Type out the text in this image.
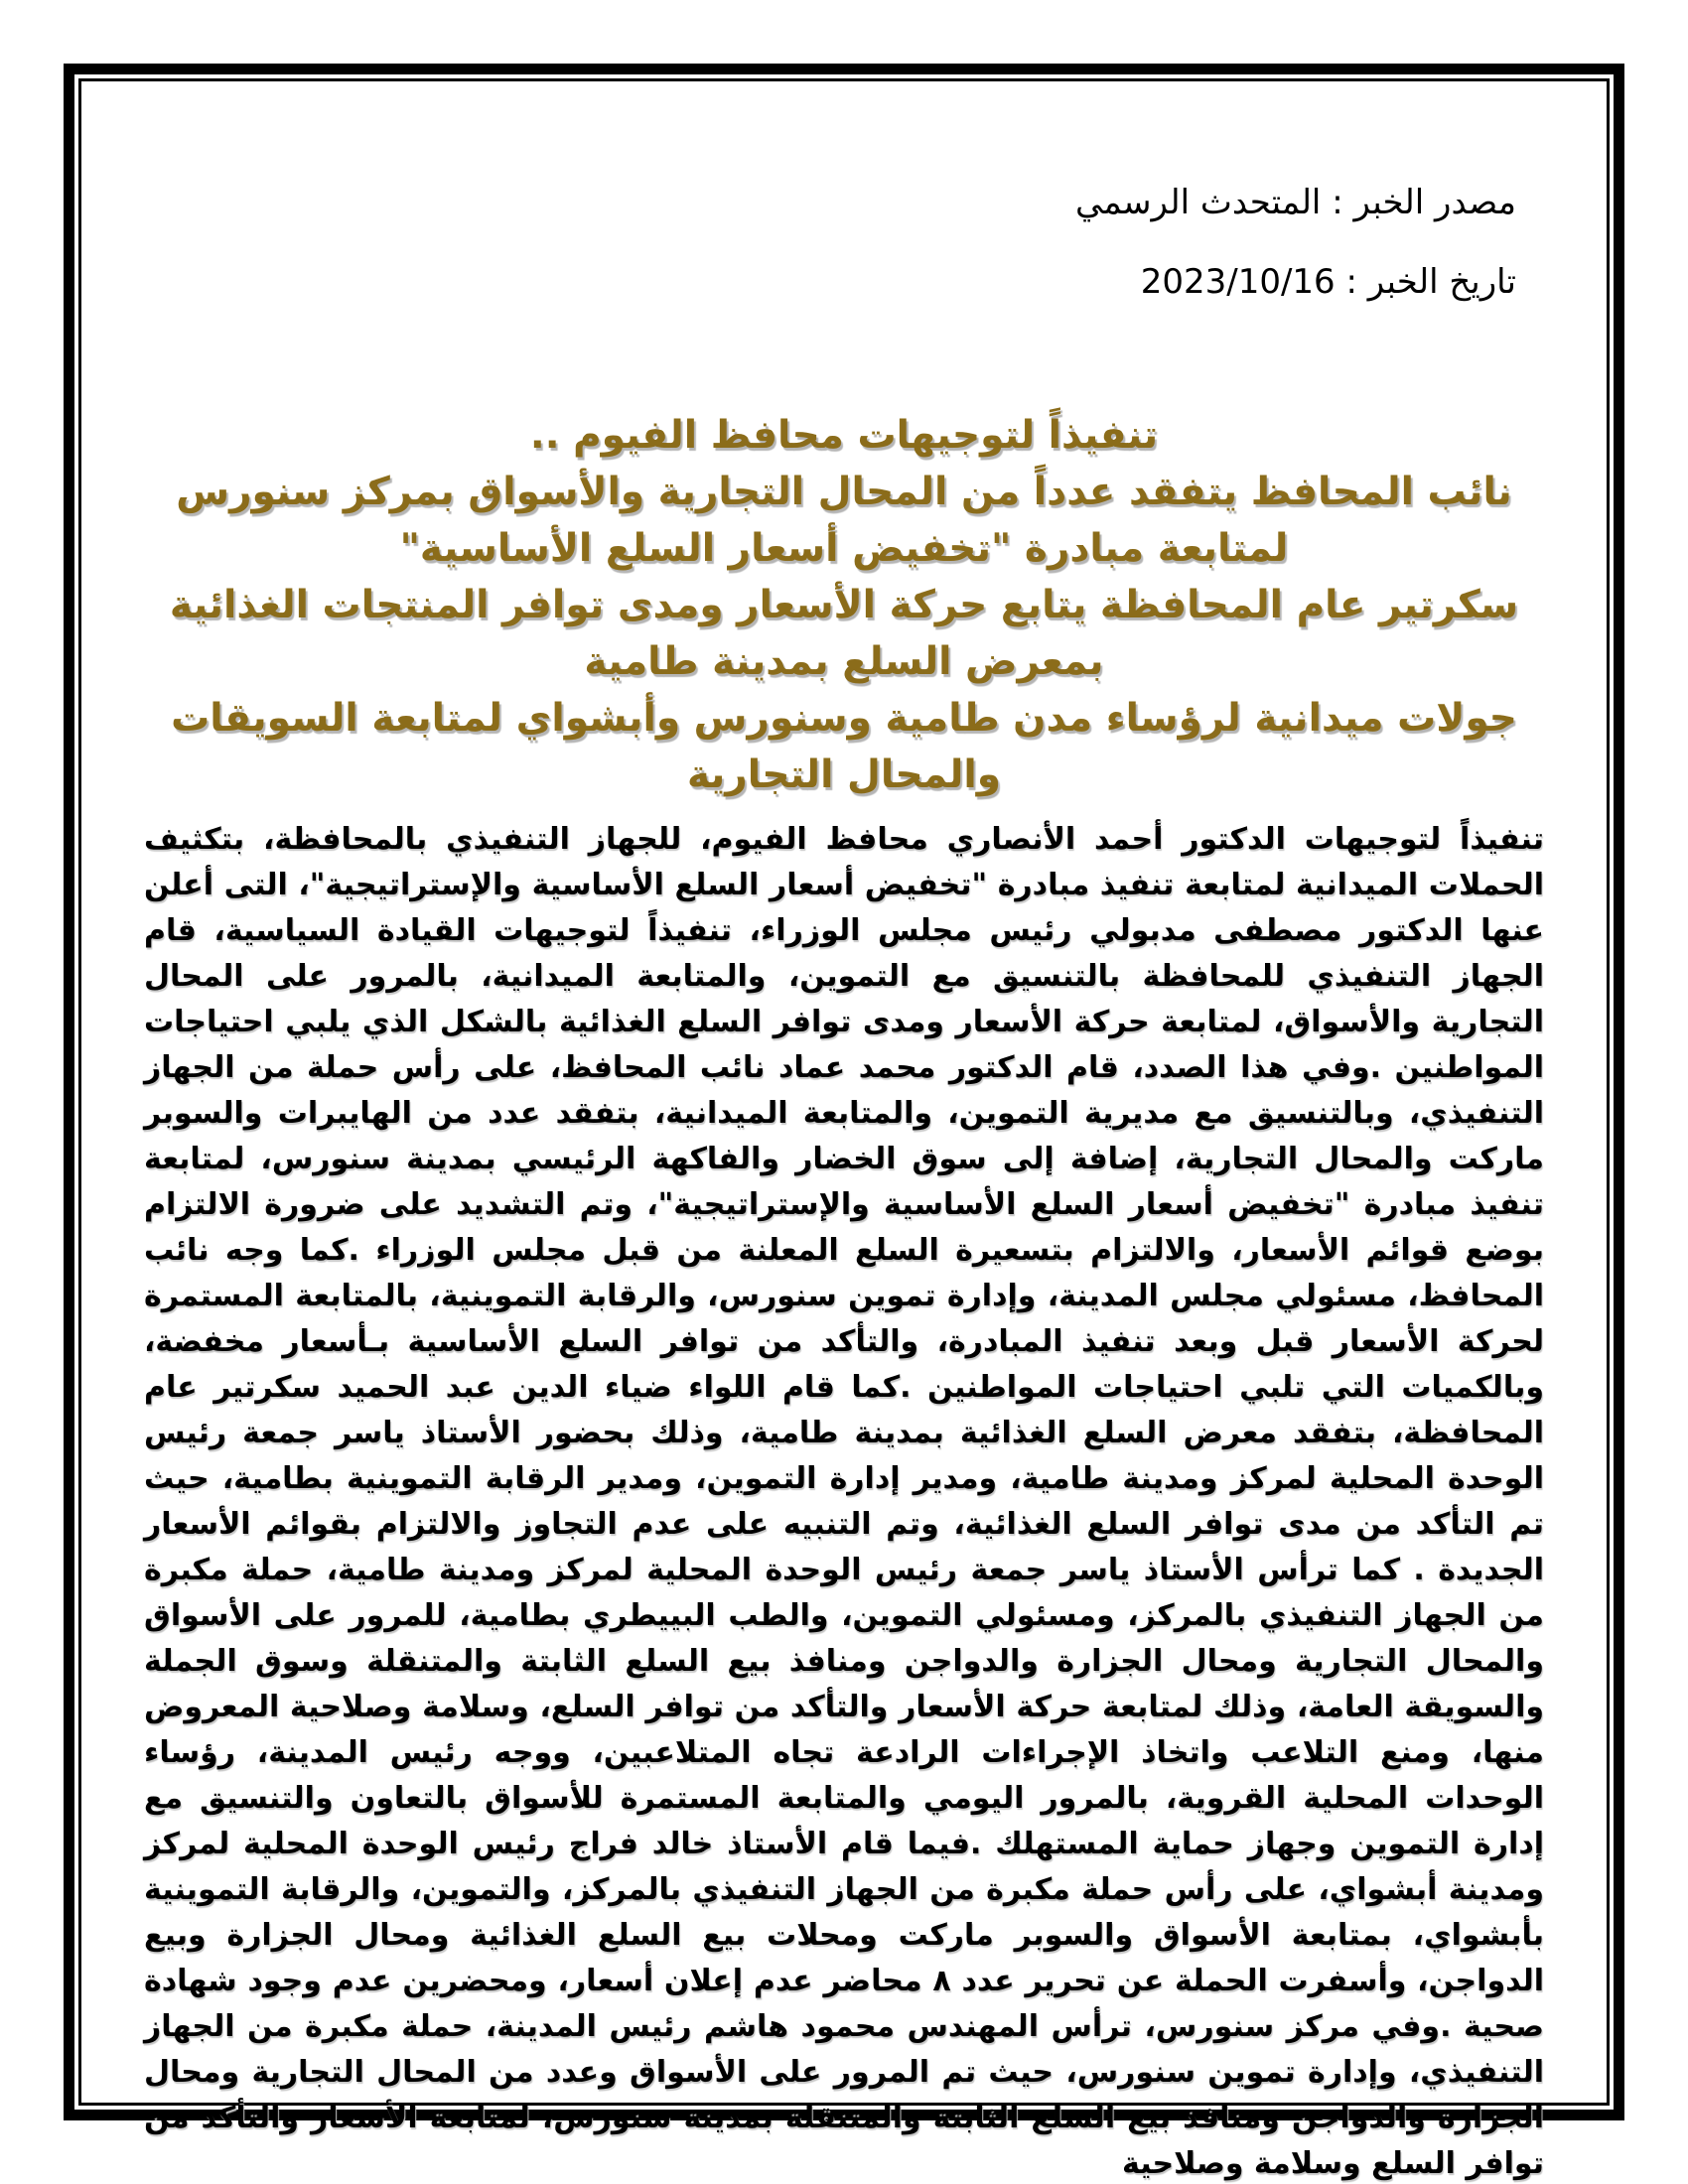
مصدر الخبر : المتحدث الرسمي

تاريخ الخبر : 2023/10/16

تنفيذاً لتوجيهات محافظ الفيوم ..

نائب المحافظ يتفقد عدداً من المحال التجارية والأسواق بمركز سنورس لمتابعة مبادرة "تخفيض أسعار السلع الأساسية"

سكرتير عام المحافظة يتابع حركة الأسعار ومدى توافر المنتجات الغذائية بمعرض السلع بمدينة طامية

جولات ميدانية لرؤساء مدن طامية وسنورس وأبشواي لمتابعة السويقات والمحال التجارية

تنفيذاً لتوجيهات الدكتور أحمد الأنصاري محافظ الفيوم، للجهاز التنفيذي بالمحافظة، بتكثيف الحملات الميدانية لمتابعة تنفيذ مبادرة "تخفيض أسعار السلع الأساسية والإستراتيجية"، التى أعلن عنها الدكتور مصطفى مدبولي رئيس مجلس الوزراء، تنفيذاً لتوجيهات القيادة السياسية، قام الجهاز التنفيذي للمحافظة بالتنسيق مع التموين، والمتابعة الميدانية، بالمرور على المحال التجارية والأسواق، لمتابعة حركة الأسعار ومدى توافر السلع الغذائية بالشكل الذي يلبي احتياجات المواطنين .وفي هذا الصدد، قام الدكتور محمد عماد نائب المحافظ، على رأس حملة من الجهاز التنفيذي، وبالتنسيق مع مديرية التموين، والمتابعة الميدانية، بتفقد عدد من الهايبرات والسوبر ماركت والمحال التجارية، إضافة إلى سوق الخضار والفاكهة الرئيسي بمدينة سنورس، لمتابعة تنفيذ مبادرة "تخفيض أسعار السلع الأساسية والإستراتيجية"، وتم التشديد على ضرورة الالتزام بوضع قوائم الأسعار، والالتزام بتسعيرة السلع المعلنة من قبل مجلس الوزراء .كما وجه نائب المحافظ، مسئولي مجلس المدينة، وإدارة تموين سنورس، والرقابة التموينية، بالمتابعة المستمرة لحركة الأسعار قبل وبعد تنفيذ المبادرة، والتأكد من توافر السلع الأساسية بـأسعار مخفضة، وبالكميات التي تلبي احتياجات المواطنين .كما قام اللواء ضياء الدين عبد الحميد سكرتير عام المحافظة، بتفقد معرض السلع الغذائية بمدينة طامية، وذلك بحضور الأستاذ ياسر جمعة رئيس الوحدة المحلية لمركز ومدينة طامية، ومدير إدارة التموين، ومدير الرقابة التموينية بطامية، حيث تم التأكد من مدى توافر السلع الغذائية، وتم التنبيه على عدم التجاوز والالتزام بقوائم الأسعار الجديدة . كما ترأس الأستاذ ياسر جمعة رئيس الوحدة المحلية لمركز ومدينة طامية، حملة مكبرة من الجهاز التنفيذي بالمركز، ومسئولي التموين، والطب البييطري بطامية، للمرور على الأسواق والمحال التجارية ومحال الجزارة والدواجن ومنافذ بيع السلع الثابتة والمتنقلة وسوق الجملة والسويقة العامة، وذلك لمتابعة حركة الأسعار والتأكد من توافر السلع، وسلامة وصلاحية المعروض منها، ومنع التلاعب واتخاذ الإجراءات الرادعة تجاه المتلاعبين، ووجه رئيس المدينة، رؤساء الوحدات المحلية القروية، بالمرور اليومي والمتابعة المستمرة للأسواق بالتعاون والتنسيق مع إدارة التموين وجهاز حماية المستهلك .فيما قام الأستاذ خالد فراج رئيس الوحدة المحلية لمركز ومدينة أبشواي، على رأس حملة مكبرة من الجهاز التنفيذي بالمركز، والتموين، والرقابة التموينية بأبشواي، بمتابعة الأسواق والسوبر ماركت ومحلات بيع السلع الغذائية ومحال الجزارة وبيع الدواجن، وأسفرت الحملة عن تحرير عدد ٨ محاضر عدم إعلان أسعار، ومحضرين عدم وجود شهادة صحية .وفي مركز سنورس، ترأس المهندس محمود هاشم رئيس المدينة، حملة مكبرة من الجهاز التنفيذي، وإدارة تموين سنورس، حيث تم المرور على الأسواق وعدد من المحال التجارية ومحال الجزارة والدواجن ومنافذ بيع السلع الثابتة والمتنقلة بمدينة سنورس، لمتابعة الأسعار والتأكد من توافر السلع وسلامة وصلاحية
